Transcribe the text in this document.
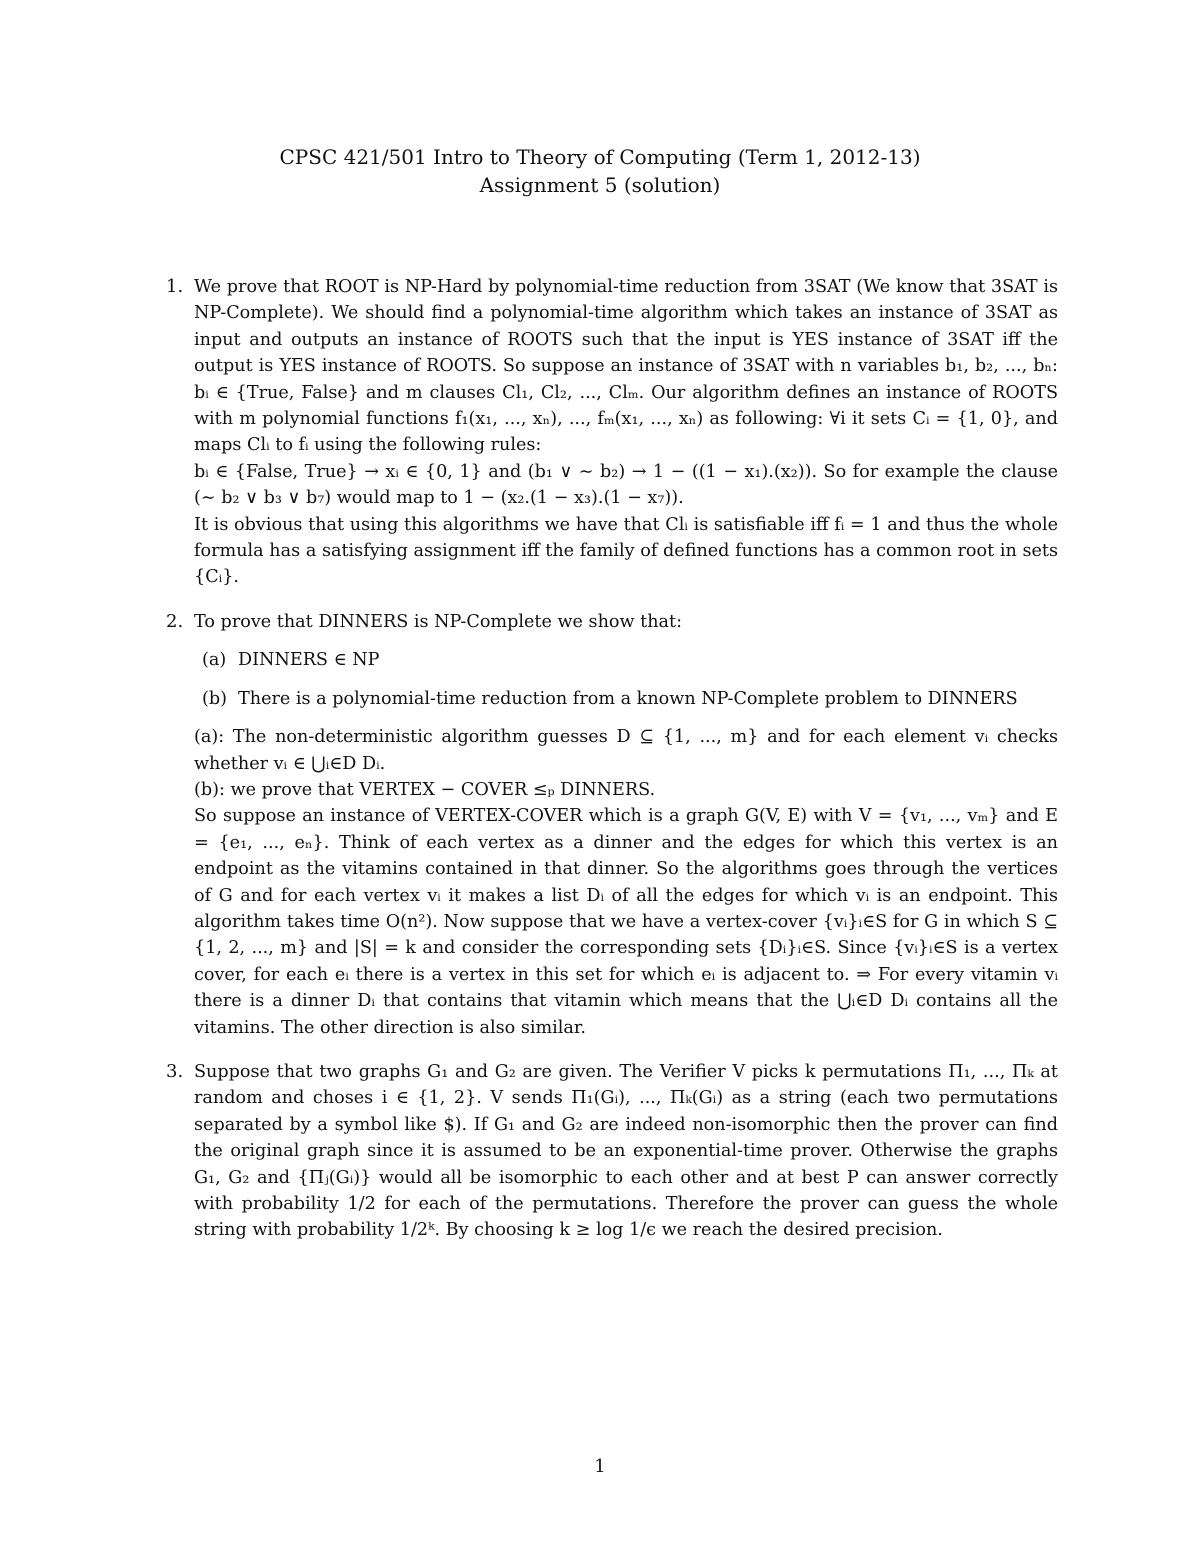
CPSC 421/501 Intro to Theory of Computing (Term 1, 2012-13)
Assignment 5 (solution)
1. We prove that ROOT is NP-Hard by polynomial-time reduction from 3SAT (We know that 3SAT is NP-Complete). We should find a polynomial-time algorithm which takes an instance of 3SAT as input and outputs an instance of ROOTS such that the input is YES instance of 3SAT iff the output is YES instance of ROOTS. So suppose an instance of 3SAT with n variables b₁, b₂, ..., bₙ: bᵢ ∈ {True, False} and m clauses Cl₁, Cl₂, ..., Clₘ. Our algorithm defines an instance of ROOTS with m polynomial functions f₁(x₁, ..., xₙ), ..., fₘ(x₁, ..., xₙ) as following: ∀i it sets Cᵢ = {1, 0}, and maps Clᵢ to fᵢ using the following rules:
bᵢ ∈ {False, True} → xᵢ ∈ {0, 1} and (b₁ ∨ ∼ b₂) → 1 − ((1 − x₁).(x₂)). So for example the clause (∼ b₂ ∨ b₃ ∨ b₇) would map to 1 − (x₂.(1 − x₃).(1 − x₇)).
It is obvious that using this algorithms we have that Clᵢ is satisfiable iff fᵢ = 1 and thus the whole formula has a satisfying assignment iff the family of defined functions has a common root in sets {Cᵢ}.

2. To prove that DINNERS is NP-Complete we show that:

(a) DINNERS ∈ NP
(b) There is a polynomial-time reduction from a known NP-Complete problem to DINNERS

(a): The non-deterministic algorithm guesses D ⊆ {1, ..., m} and for each element vᵢ checks whether vᵢ ∈ ⋃ᵢ∈D Dᵢ.
(b): we prove that VERTEX − COVER ≤ₚ DINNERS.
So suppose an instance of VERTEX-COVER which is a graph G(V, E) with V = {v₁, ..., vₘ} and E = {e₁, ..., eₙ}. Think of each vertex as a dinner and the edges for which this vertex is an endpoint as the vitamins contained in that dinner. So the algorithms goes through the vertices of G and for each vertex vᵢ it makes a list Dᵢ of all the edges for which vᵢ is an endpoint. This algorithm takes time O(n²). Now suppose that we have a vertex-cover {vᵢ}ᵢ∈S for G in which S ⊆ {1, 2, ..., m} and |S| = k and consider the corresponding sets {Dᵢ}ᵢ∈S. Since {vᵢ}ᵢ∈S is a vertex cover, for each eᵢ there is a vertex in this set for which eᵢ is adjacent to. ⇒ For every vitamin vᵢ there is a dinner Dᵢ that contains that vitamin which means that the ⋃ᵢ∈D Dᵢ contains all the vitamins. The other direction is also similar.

3. Suppose that two graphs G₁ and G₂ are given. The Verifier V picks k permutations Π₁, ..., Πₖ at random and choses i ∈ {1, 2}. V sends Π₁(Gᵢ), ..., Πₖ(Gᵢ) as a string (each two permutations separated by a symbol like $). If G₁ and G₂ are indeed non-isomorphic then the prover can find the original graph since it is assumed to be an exponential-time prover. Otherwise the graphs G₁, G₂ and {Πⱼ(Gᵢ)} would all be isomorphic to each other and at best P can answer correctly with probability 1/2 for each of the permutations. Therefore the prover can guess the whole string with probability 1/2ᵏ. By choosing k ≥ log 1/ϵ we reach the desired precision.

1
